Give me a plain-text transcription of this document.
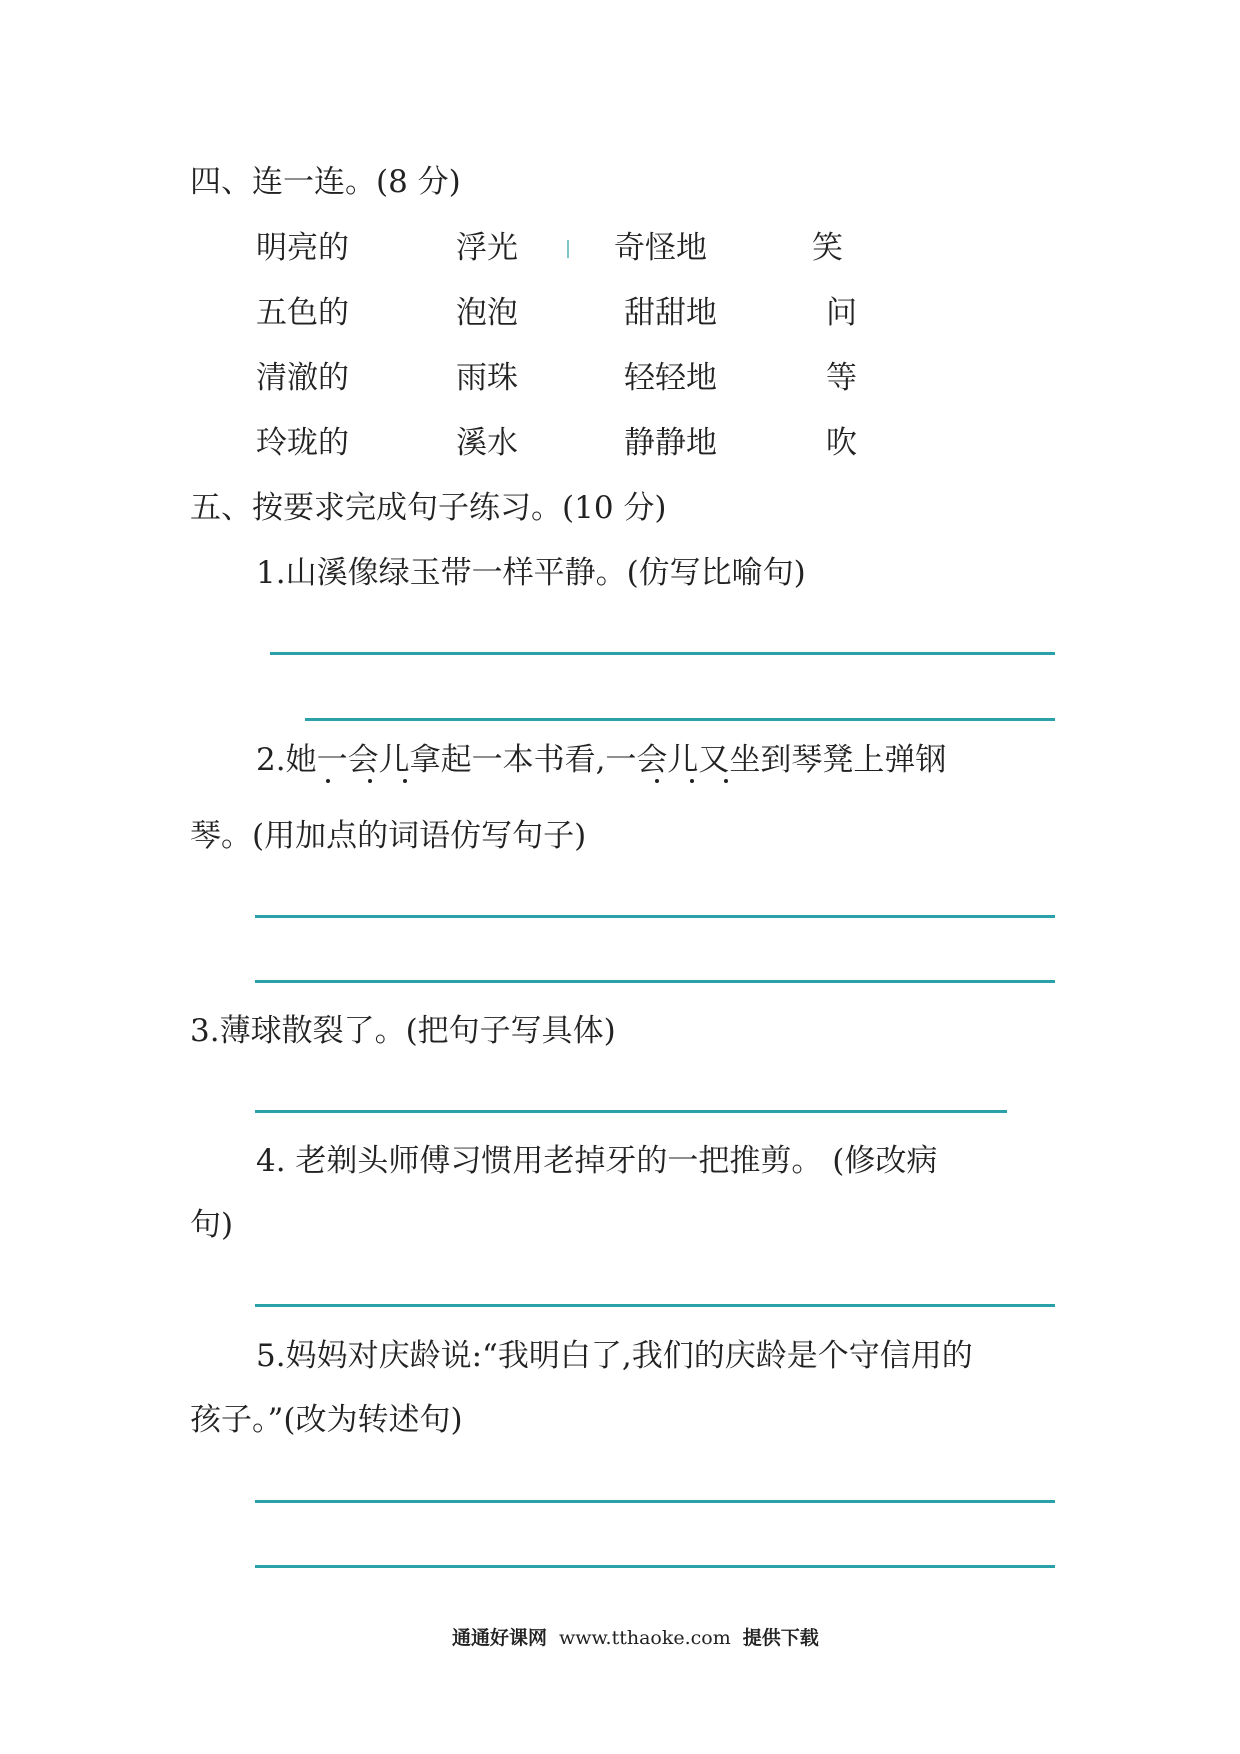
四、连一连。(8 分)
明亮的	浮光	奇怪地	笑
五色的	泡泡	甜甜地	问
清澈的	雨珠	轻轻地	等
玲珑的	溪水	静静地	吹
五、按要求完成句子练习。(10 分)
1.山溪像绿玉带一样平静。(仿写比喻句)
2.她一会儿拿起一本书看,一会儿又坐到琴凳上弹钢
琴。(用加点的词语仿写句子)
3.薄球散裂了。(把句子写具体)
4. 老剃头师傅习惯用老掉牙的一把推剪。 (修改病
句)
5.妈妈对庆龄说:“我明白了,我们的庆龄是个守信用的
孩子。”(改为转述句)
通通好课网 www.tthaoke.com 提供下载
